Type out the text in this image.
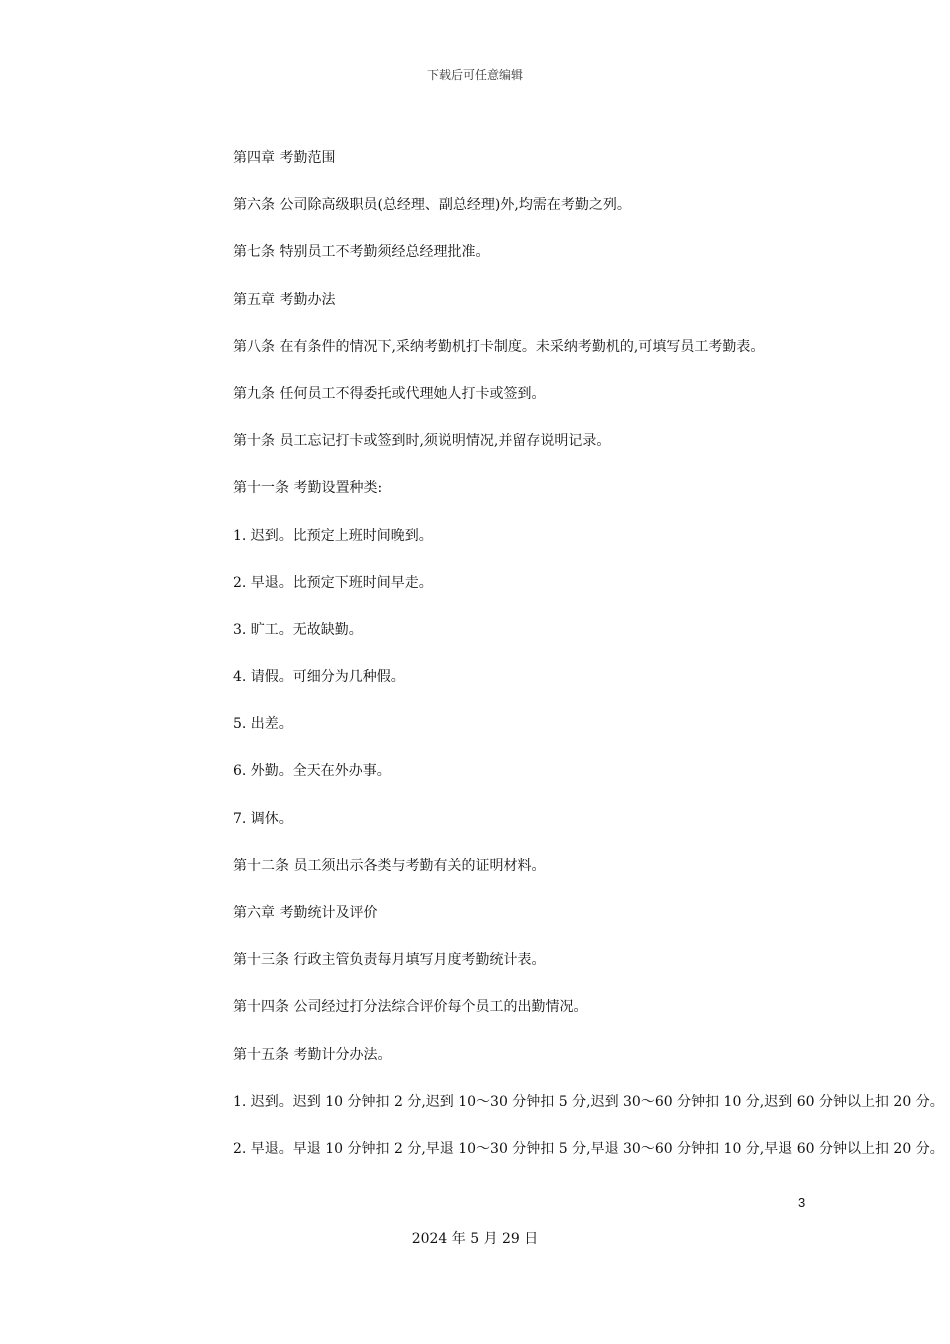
下载后可任意编辑

第四章 考勤范围

第六条 公司除高级职员(总经理、副总经理)外,均需在考勤之列。

第七条 特别员工不考勤须经总经理批准。

第五章 考勤办法

第八条 在有条件的情况下,采纳考勤机打卡制度。未采纳考勤机的,可填写员工考勤表。

第九条 任何员工不得委托或代理她人打卡或签到。

第十条 员工忘记打卡或签到时,须说明情况,并留存说明记录。

第十一条 考勤设置种类:

1. 迟到。比预定上班时间晚到。

2. 早退。比预定下班时间早走。

3. 旷工。无故缺勤。

4. 请假。可细分为几种假。

5. 出差。

6. 外勤。全天在外办事。

7. 调休。

第十二条 员工须出示各类与考勤有关的证明材料。

第六章 考勤统计及评价

第十三条 行政主管负责每月填写月度考勤统计表。

第十四条 公司经过打分法综合评价每个员工的出勤情况。

第十五条 考勤计分办法。

1. 迟到。迟到 10 分钟扣 2 分,迟到 10～30 分钟扣 5 分,迟到 30～60 分钟扣 10 分,迟到 60 分钟以上扣 20 分。

2. 早退。早退 10 分钟扣 2 分,早退 10～30 分钟扣 5 分,早退 30～60 分钟扣 10 分,早退 60 分钟以上扣 20 分。

3
2024 年 5 月 29 日
